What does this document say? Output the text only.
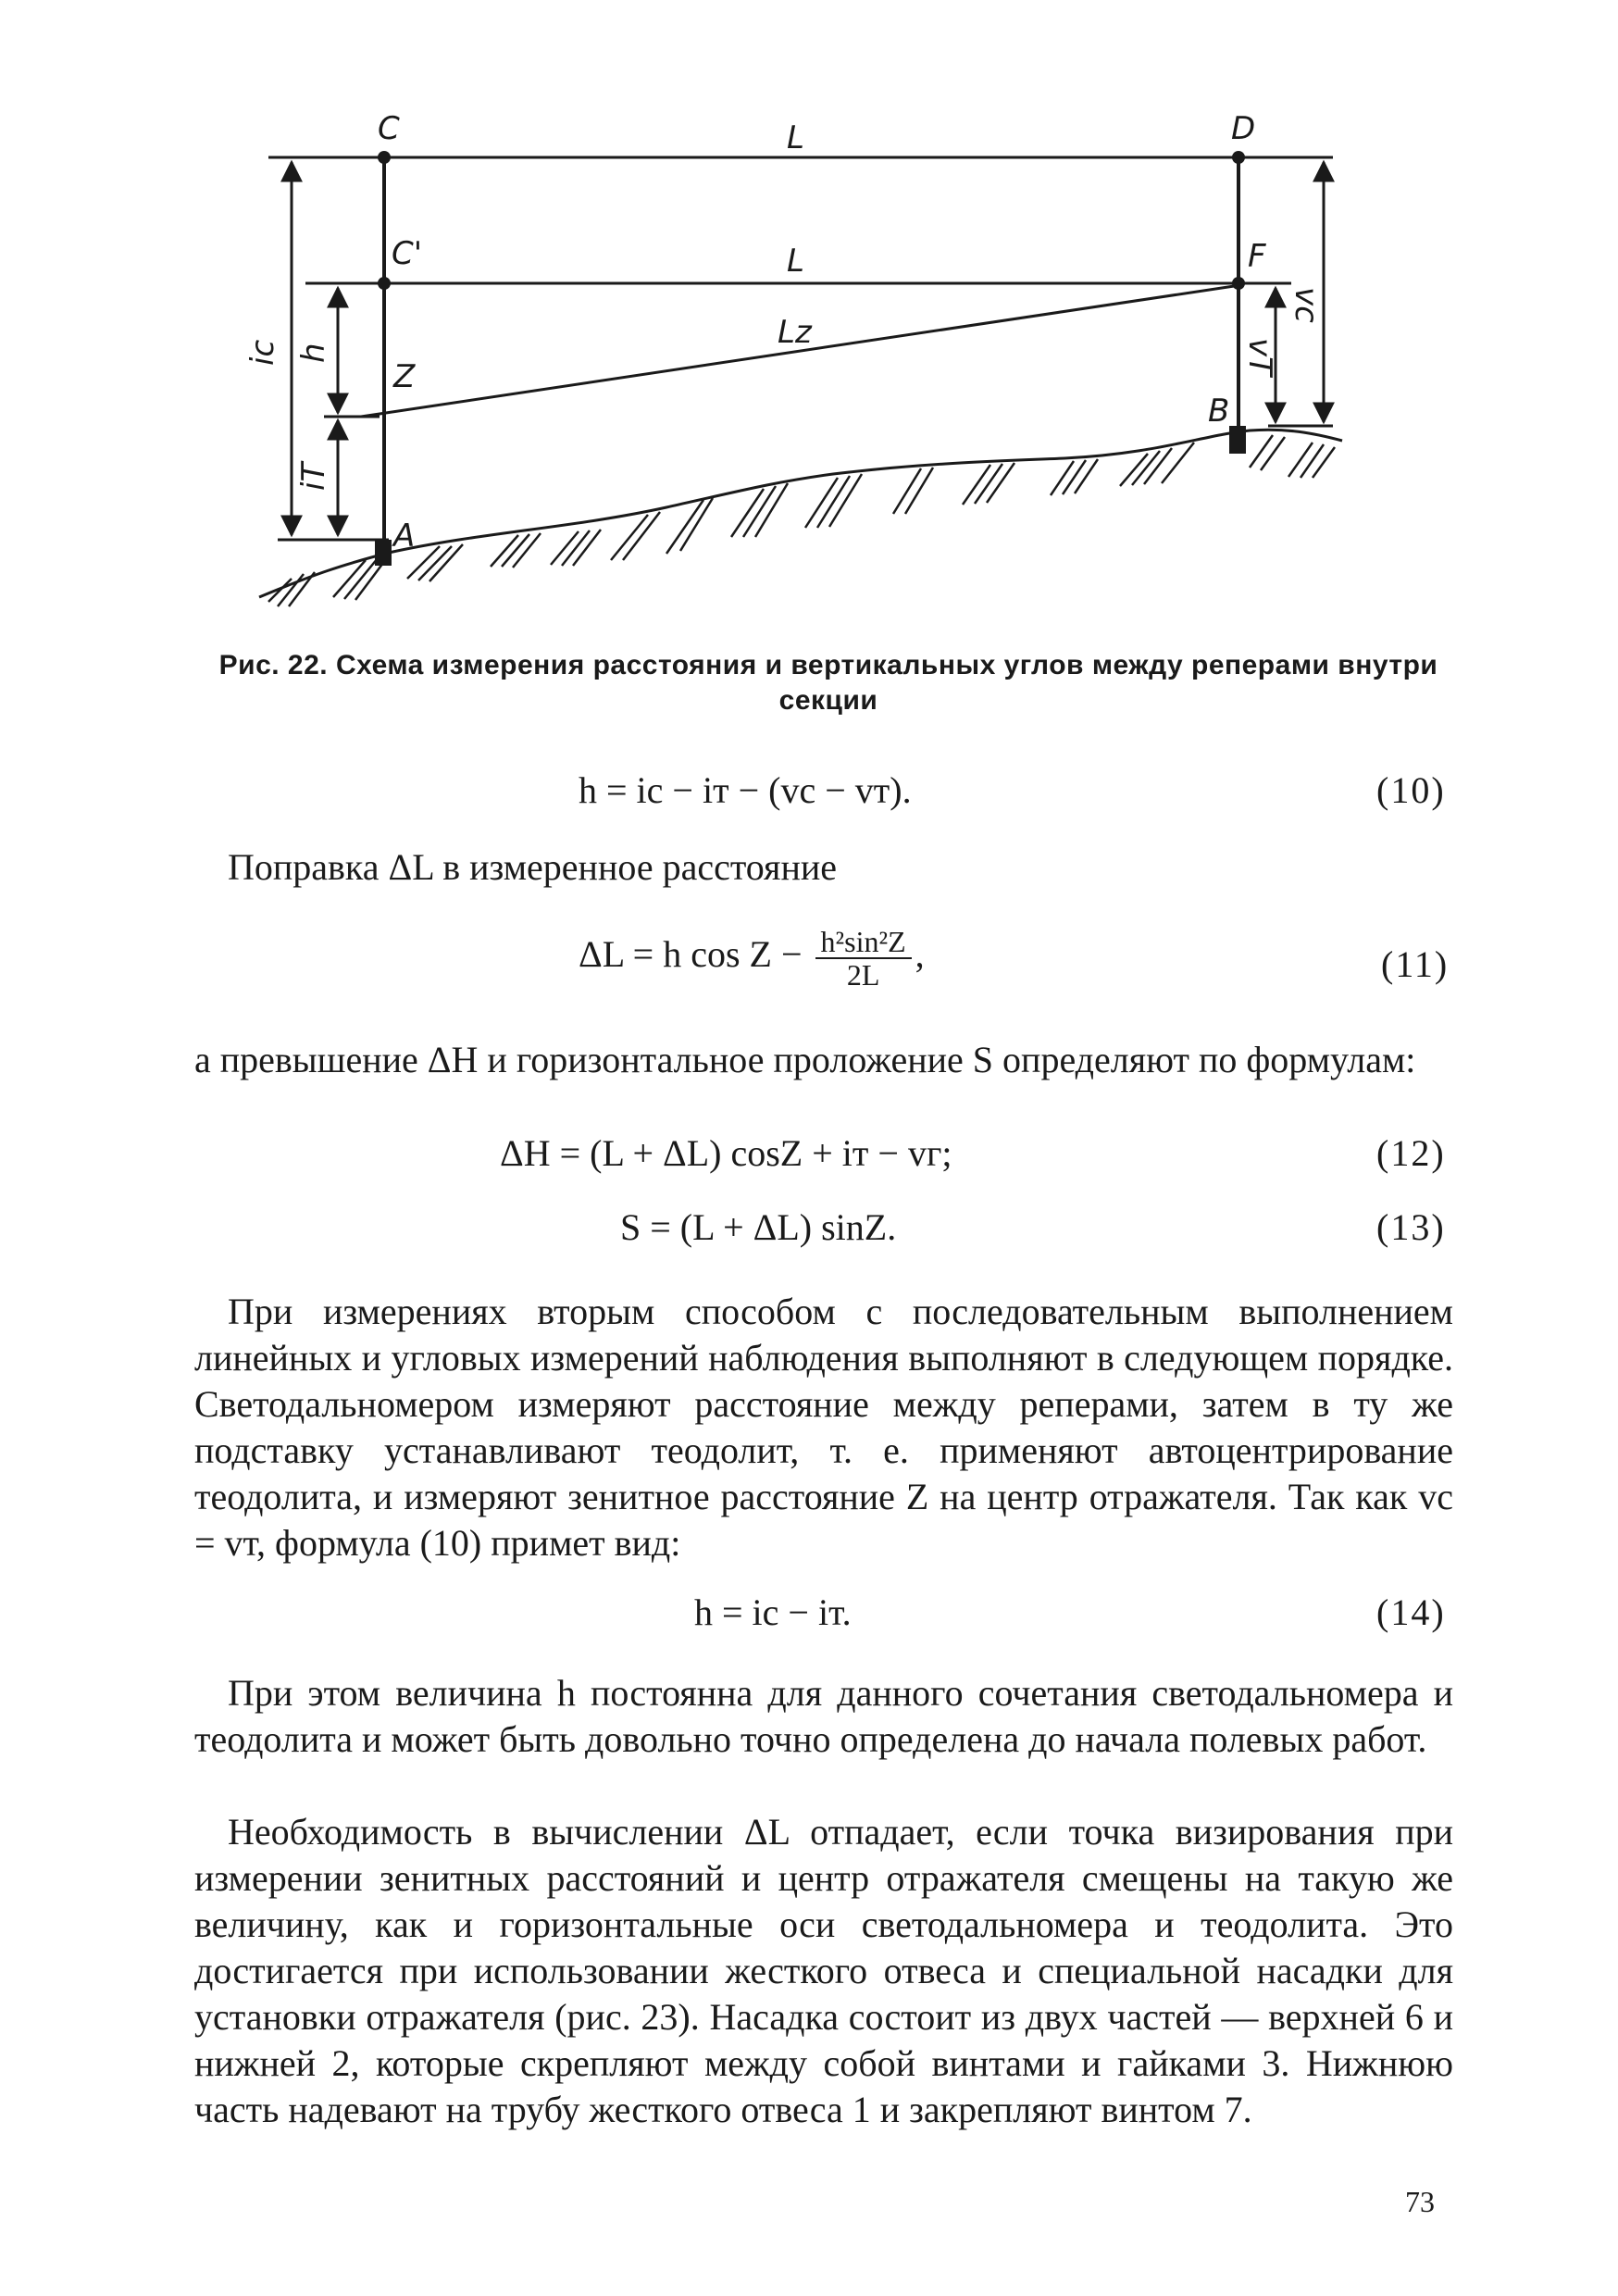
C	D
L
C'	L	F
Lz
Z
B
A
ic h
iT
vT
vc
Рис. 22. Схема измерения расстояния и вертикальных углов между реперами внутри секции
h = iс − iт − (vс − vт).	(10)

Поправка ΔL в измеренное расстояние

ΔL = h $\cos Z - \frac{\text{h²sin²Z}}{2L}$ ,	(11)

а превышение ΔH и горизонтальное проложение S определяют по формулам:

ΔH = (L + ΔL) cosZ + iт − vг;	(12)
S = (L + ΔL) sinZ.	(13)

При измерениях вторым способом с последовательным выполнением линейных и угловых измерений наблюдения выполняют в следующем порядке. Светодальномером измеряют расстояние между реперами, затем в ту же подставку устанавливают теодолит, т. е. применяют автоцентрирование теодолита, и измеряют зенитное расстояние Z на центр отражателя. Так как vс = vт, формула (10) примет вид:

h = iс − iт.	(14)

При этом величина h постоянна для данного сочетания светодальномера и теодолита и может быть довольно точно определена до начала полевых работ.

Необходимость в вычислении ΔL отпадает, если точка визирования при измерении зенитных расстояний и центр отражателя смещены на такую же величину, как и горизонтальные оси светодальномера и теодолита. Это достигается при использовании жесткого отвеса и специальной насадки для установки отражателя (рис. 23). Насадка состоит из двух частей — верхней 6 и нижней 2, которые скрепляют между собой винтами и гайками 3. Нижнюю часть надевают на трубу жесткого отвеса 1 и закрепляют винтом 7.

73
